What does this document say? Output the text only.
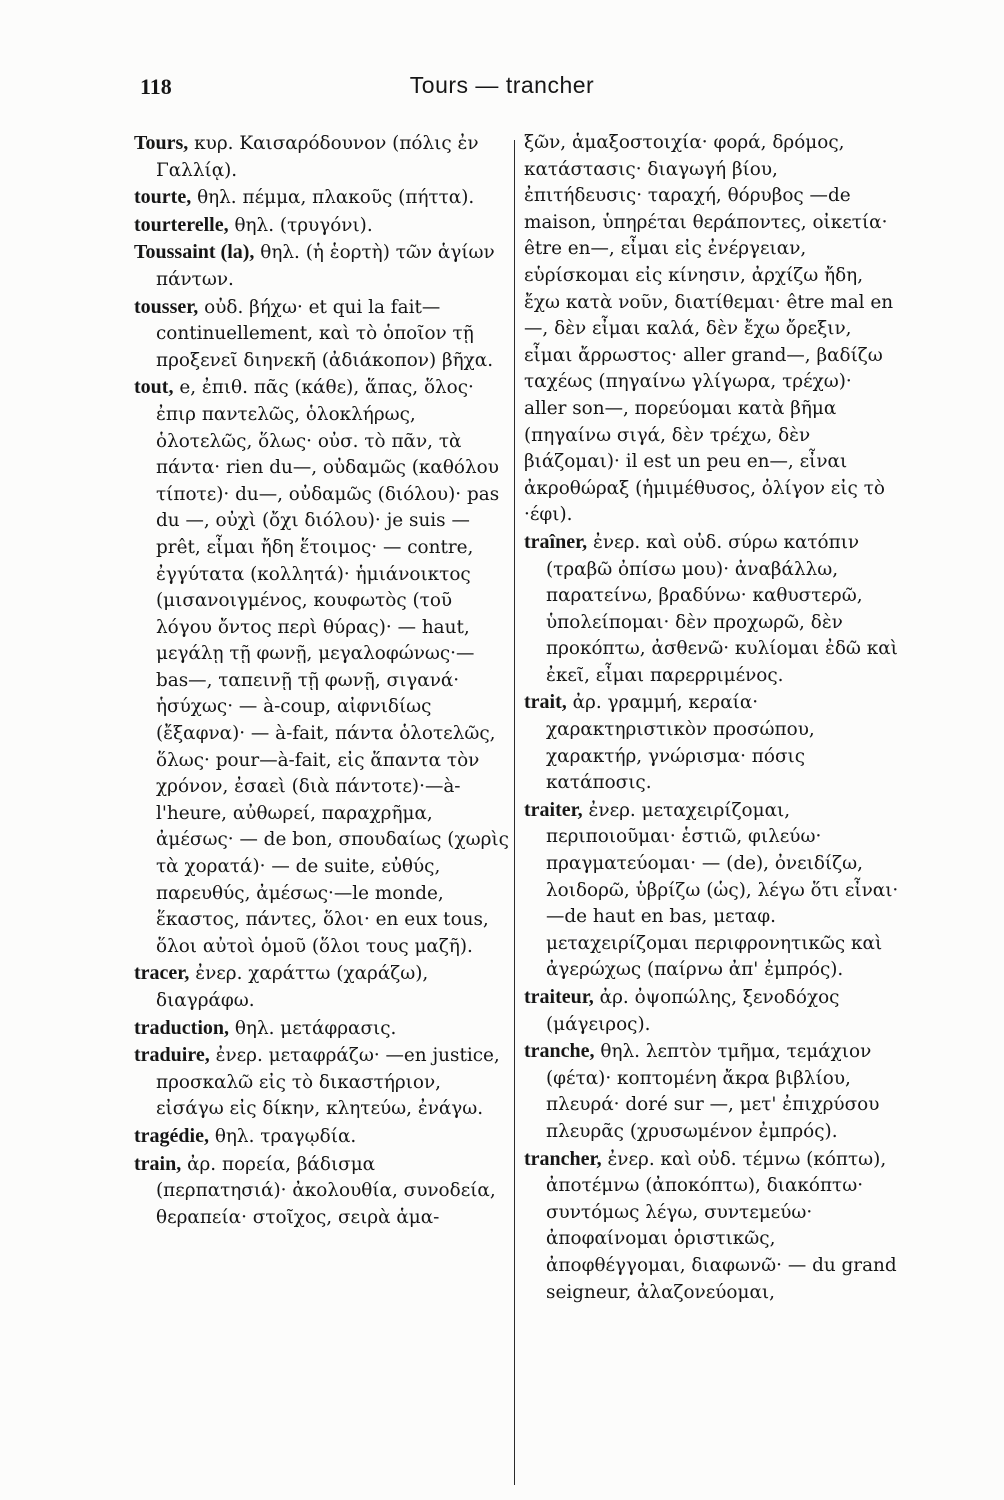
118	Tours — trancher

Tours, κυρ. Καισαρόδουνον (πόλις ἐν Γαλλίᾳ).

tourte, θηλ. πέμμα, πλακοῦς (πήττα).

tourterelle, θηλ. (τρυγόνι).

Toussaint (la), θηλ. (ἡ ἑορτὴ) τῶν ἁγίων πάντων.

tousser, οὐδ. βήχω· et qui la fait—continuellement, καὶ τὸ ὁποῖον τῇ προξενεῖ διηνεκῆ (ἀδιάκοπον) βῆχα.

tout, e, ἐπιθ. πᾶς (κάθε), ἅπας, ὅλος· ἐπιρ παντελῶς, ὁλοκλήρως, ὁλοτελῶς, ὅλως· οὐσ. τὸ πᾶν, τὰ πάντα· rien du—, οὐδαμῶς (καθόλου τίποτε)· du—, οὐδαμῶς (διόλου)· pas du —, οὐχὶ (ὄχι διόλου)· je suis — prêt, εἶμαι ἤδη ἕτοιμος· — contre, ἐγγύτατα (κολλητά)· ἡμιάνοικτος (μισανοιγμένος, κουφωτὸς (τοῦ λόγου ὄντος περὶ θύρας)· — haut, μεγάλῃ τῇ φωνῇ, μεγαλοφώνως·— bas—, ταπεινῇ τῇ φωνῇ, σιγανά· ἡσύχως· — à-coup, αἰφνιδίως (ἔξαφνα)· — à-fait, πάντα ὁλοτελῶς, ὅλως· pour—à-fait, εἰς ἅπαντα τὸν χρόνον, ἐσαεὶ (διὰ πάντοτε)·—à-l'heure, αὐθωρεί, παραχρῆμα, ἀμέσως· — de bon, σπουδαίως (χωρὶς τὰ χορατά)· — de suite, εὐθύς, παρευθύς, ἀμέσως·—le monde, ἕκαστος, πάντες, ὅλοι· en eux tous, ὅλοι αὐτοὶ ὁμοῦ (ὅλοι τους μαζῆ).

tracer, ἐνερ. χαράττω (χαράζω), διαγράφω.

traduction, θηλ. μετάφρασις.

traduire, ἐνερ. μεταφράζω· —en justice, προσκαλῶ εἰς τὸ δικαστήριον, εἰσάγω εἰς δίκην, κλητεύω, ἐνάγω.

tragédie, θηλ. τραγῳδία.

train, ἀρ. πορεία, βάδισμα (περπατησιά)· ἀκολουθία, συνοδεία, θεραπεία· στοῖχος, σειρὰ ἁμα-

ξῶν, ἁμαξοστοιχία· φορά, δρόμος, κατάστασις· διαγωγή βίου, ἐπιτήδευσις· ταραχή, θόρυβος —de maison, ὑπηρέται θεράποντες, οἰκετία· être en—, εἶμαι εἰς ἐνέργειαν, εὑρίσκομαι εἰς κίνησιν, ἀρχίζω ἤδη, ἔχω κατὰ νοῦν, διατίθεμαι· être mal en—, δὲν εἶμαι καλά, δὲν ἔχω ὄρεξιν, εἶμαι ἄρρωστος· aller grand—, βαδίζω ταχέως (πηγαίνω γλίγωρα, τρέχω)· aller son—, πορεύομαι κατὰ βῆμα (πηγαίνω σιγά, δὲν τρέχω, δὲν βιάζομαι)· il est un peu en—, εἶναι ἀκροθώραξ (ἡμιμέθυσος, ὀλίγον εἰς τὸ ·έφι).

traîner, ἐνερ. καὶ οὐδ. σύρω κατόπιν (τραβῶ ὀπίσω μου)· ἀναβάλλω, παρατείνω, βραδύνω· καθυστερῶ, ὑπολείπομαι· δὲν προχωρῶ, δὲν προκόπτω, ἀσθενῶ· κυλίομαι ἐδῶ καὶ ἐκεῖ, εἶμαι παρερριμένος.

trait, ἀρ. γραμμή, κεραία· χαρακτηριστικὸν προσώπου, χαρακτήρ, γνώρισμα· πόσις κατάποσις.

traiter, ἐνερ. μεταχειρίζομαι, περιποιοῦμαι· ἑστιῶ, φιλεύω· πραγματεύομαι· — (de), ὀνειδίζω, λοιδορῶ, ὑβρίζω (ὡς), λέγω ὅτι εἶναι·—de haut en bas, μεταφ. μεταχειρίζομαι περιφρονητικῶς καὶ ἀγερώχως (παίρνω ἀπ' ἐμπρός).

traiteur, ἀρ. ὀψοπώλης, ξενοδόχος (μάγειρος).

tranche, θηλ. λεπτὸν τμῆμα, τεμάχιον (φέτα)· κοπτομένη ἄκρα βιβλίου, πλευρά· doré sur —, μετ' ἐπιχρύσου πλευρᾶς (χρυσωμένον ἐμπρός).

trancher, ἐνερ. καὶ οὐδ. τέμνω (κόπτω), ἀποτέμνω (ἀποκόπτω), διακόπτω· συντόμως λέγω, συντεμεύω· ἀποφαίνομαι ὁριστικῶς, ἀποφθέγγομαι, διαφωνῶ· — du grand seigneur, ἀλαζονεύομαι,
